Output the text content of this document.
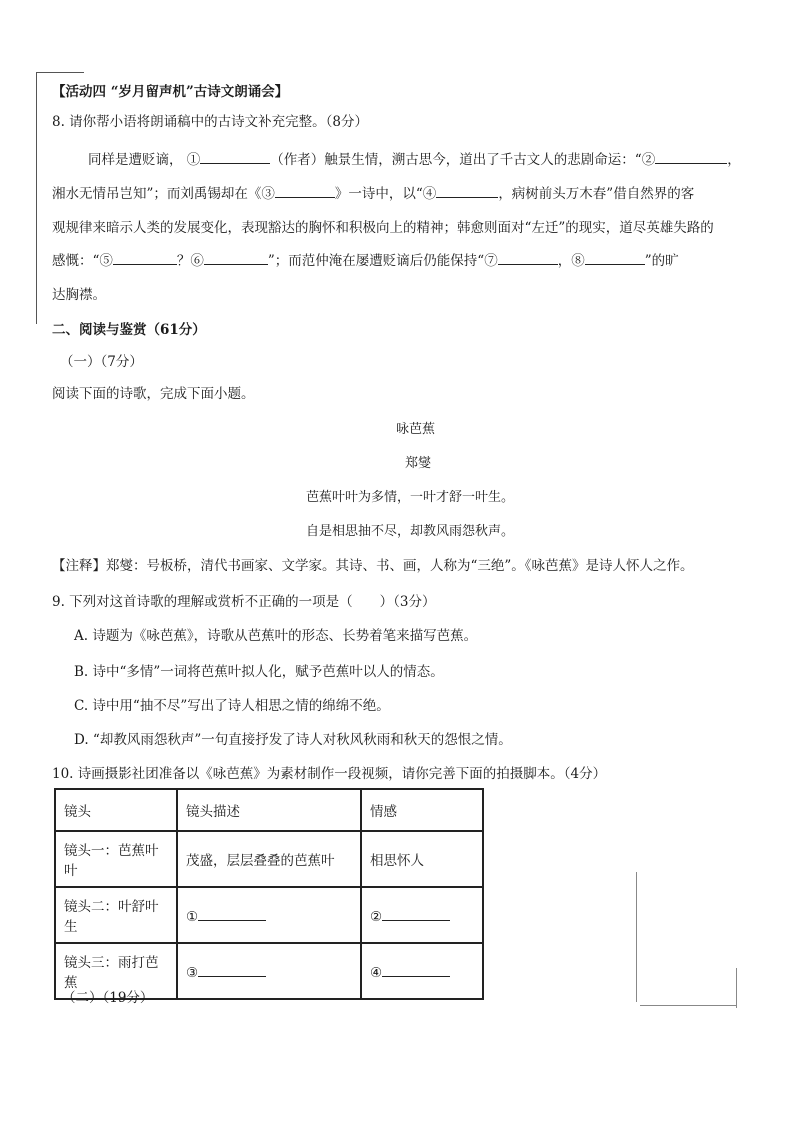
【活动四 “岁月留声机”古诗文朗诵会】
8. 请你帮小语将朗诵稿中的古诗文补充完整。（8分）
同样是遭贬谪， ①	（作者）触景生情，溯古思今，道出了千古文人的悲剧命运：“②	，
湘水无情吊岂知”；而刘禹锡却在《③	》一诗中，以“④	，病树前头万木春”借自然界的客
观规律来暗示人类的发展变化，表现豁达的胸怀和积极向上的精神；韩愈则面对“左迁”的现实，道尽英雄失路的
感慨：“⑤	？⑥	”；而范仲淹在屡遭贬谪后仍能保持“⑦	，⑧	”的旷
达胸襟。
二、阅读与鉴赏（61分）
（一）（7分）
阅读下面的诗歌，完成下面小题。
咏芭蕉
郑燮
芭蕉叶叶为多情，一叶才舒一叶生。
自是相思抽不尽，却教风雨怨秋声。
【注释】郑燮：号板桥，清代书画家、文学家。其诗、书、画，人称为“三绝”。《咏芭蕉》是诗人怀人之作。
9. 下列对这首诗歌的理解或赏析不正确的一项是（　　）（3分）
A. 诗题为《咏芭蕉》，诗歌从芭蕉叶的形态、长势着笔来描写芭蕉。
B. 诗中“多情”一词将芭蕉叶拟人化，赋予芭蕉叶以人的情态。
C. 诗中用“抽不尽”写出了诗人相思之情的绵绵不绝。
D. “却教风雨怨秋声”一句直接抒发了诗人对秋风秋雨和秋天的怨恨之情。
10. 诗画摄影社团准备以《咏芭蕉》为素材制作一段视频，请你完善下面的拍摄脚本。（4分）
镜头	镜头描述	情感
镜头一：芭蕉叶叶	茂盛，层层叠叠的芭蕉叶	相思怀人
镜头二：叶舒叶生	①	②
镜头三：雨打芭蕉	③	④
（二）（19分）
